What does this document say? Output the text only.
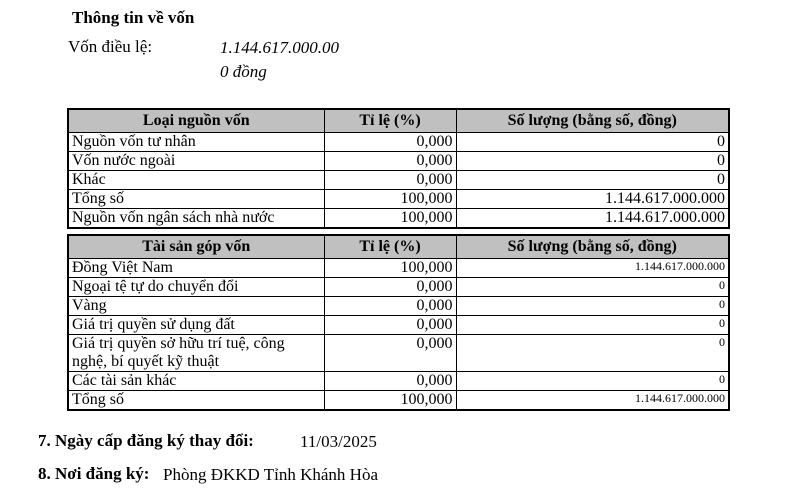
Thông tin về vốn
Vốn điều lệ:	1.144.617.000.00
0 đồng
Loại nguồn vốn	Tỉ lệ (%)	Số lượng (bằng số, đồng)
Nguồn vốn tư nhân	0,000	0
Vốn nước ngoài	0,000	0
Khác	0,000	0
Tổng số	100,000	1.144.617.000.000
Nguồn vốn ngân sách nhà nước	100,000	1.144.617.000.000
Tài sản góp vốn	Tỉ lệ (%)	Số lượng (bằng số, đồng)
Đồng Việt Nam	100,000	1.144.617.000.000
Ngoại tệ tự do chuyển đổi	0,000	0
Vàng	0,000	0
Giá trị quyền sử dụng đất	0,000	0
Giá trị quyền sở hữu trí tuệ, công nghệ, bí quyết kỹ thuật	0,000	0
Các tài sản khác	0,000	0
Tổng số	100,000	1.144.617.000.000
7. Ngày cấp đăng ký thay đổi:	11/03/2025
8. Nơi đăng ký: Phòng ĐKKD Tỉnh Khánh Hòa
